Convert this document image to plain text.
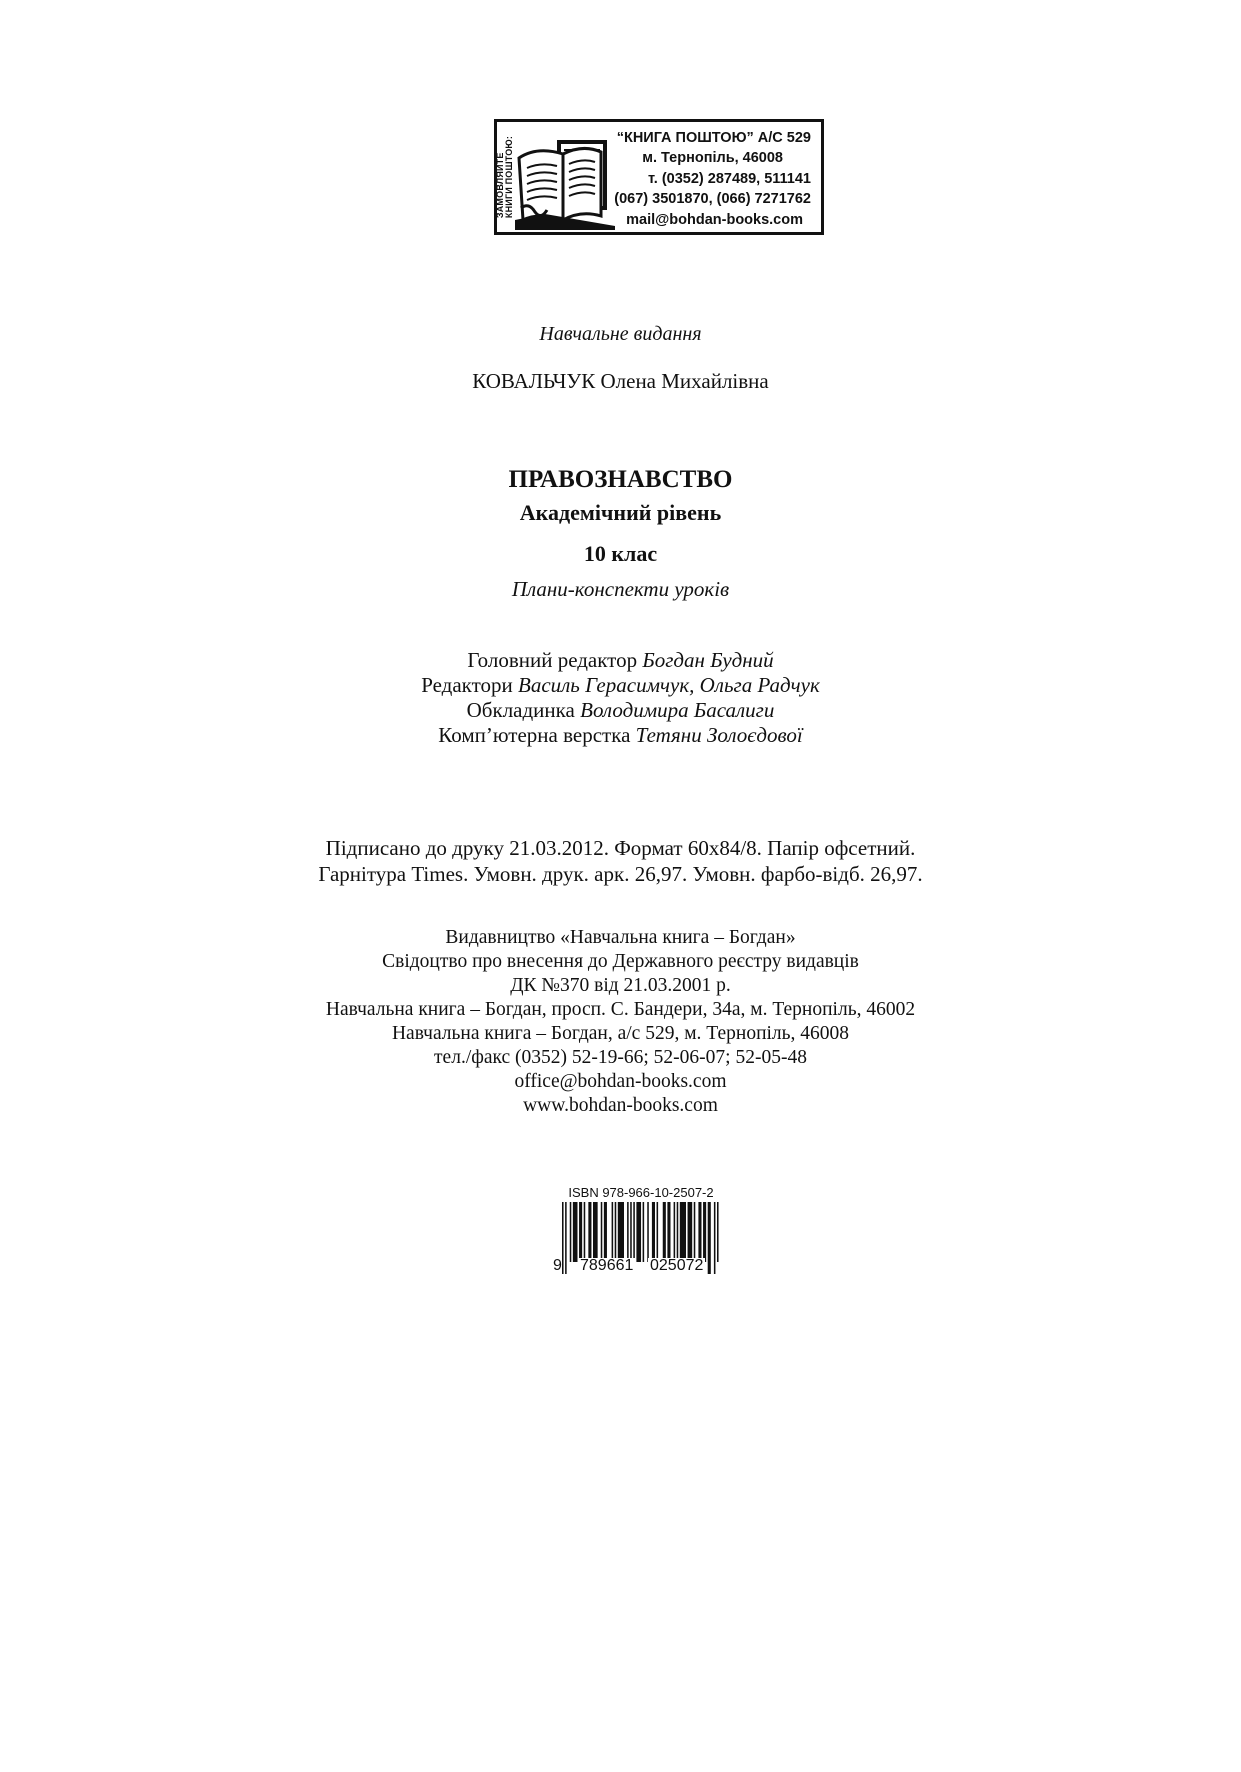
ЗАМОВЛЯЙТЕ
КНИГИ ПОШТОЮ:	“КНИГА ПОШТОЮ” А/С 529
м. Тернопіль, 46008
т. (0352) 287489, 511141
(067) 3501870, (066) 7271762
mail@bohdan-books.com
Навчальне видання
КОВАЛЬЧУК Олена Михайлівна
ПРАВОЗНАВСТВО
Академічний рівень
10 клас
Плани-конспекти уроків
Головний редактор Богдан Будний
Редактори Василь Герасимчук, Ольга Радчук
Обкладинка Володимира Басалиги
Комп’ютерна верстка Тетяни Золоєдової
Підписано до друку 21.03.2012. Формат 60х84/8. Папір офсетний.
Гарнітура Times. Умовн. друк. арк. 26,97. Умовн. фарбо-відб. 26,97.
Видавництво «Навчальна книга – Богдан»
Свідоцтво про внесення до Державного реєстру видавців
ДК №370 від 21.03.2001 р.
Навчальна книга – Богдан, просп. С. Бандери, 34а, м. Тернопіль, 46002
Навчальна книга – Богдан, а/с 529, м. Тернопіль, 46008
тел./факс (0352) 52-19-66; 52-06-07; 52-05-48
office@bohdan-books.com
www.bohdan-books.com
ISBN 978-966-10-2507-2
9 789661 025072
